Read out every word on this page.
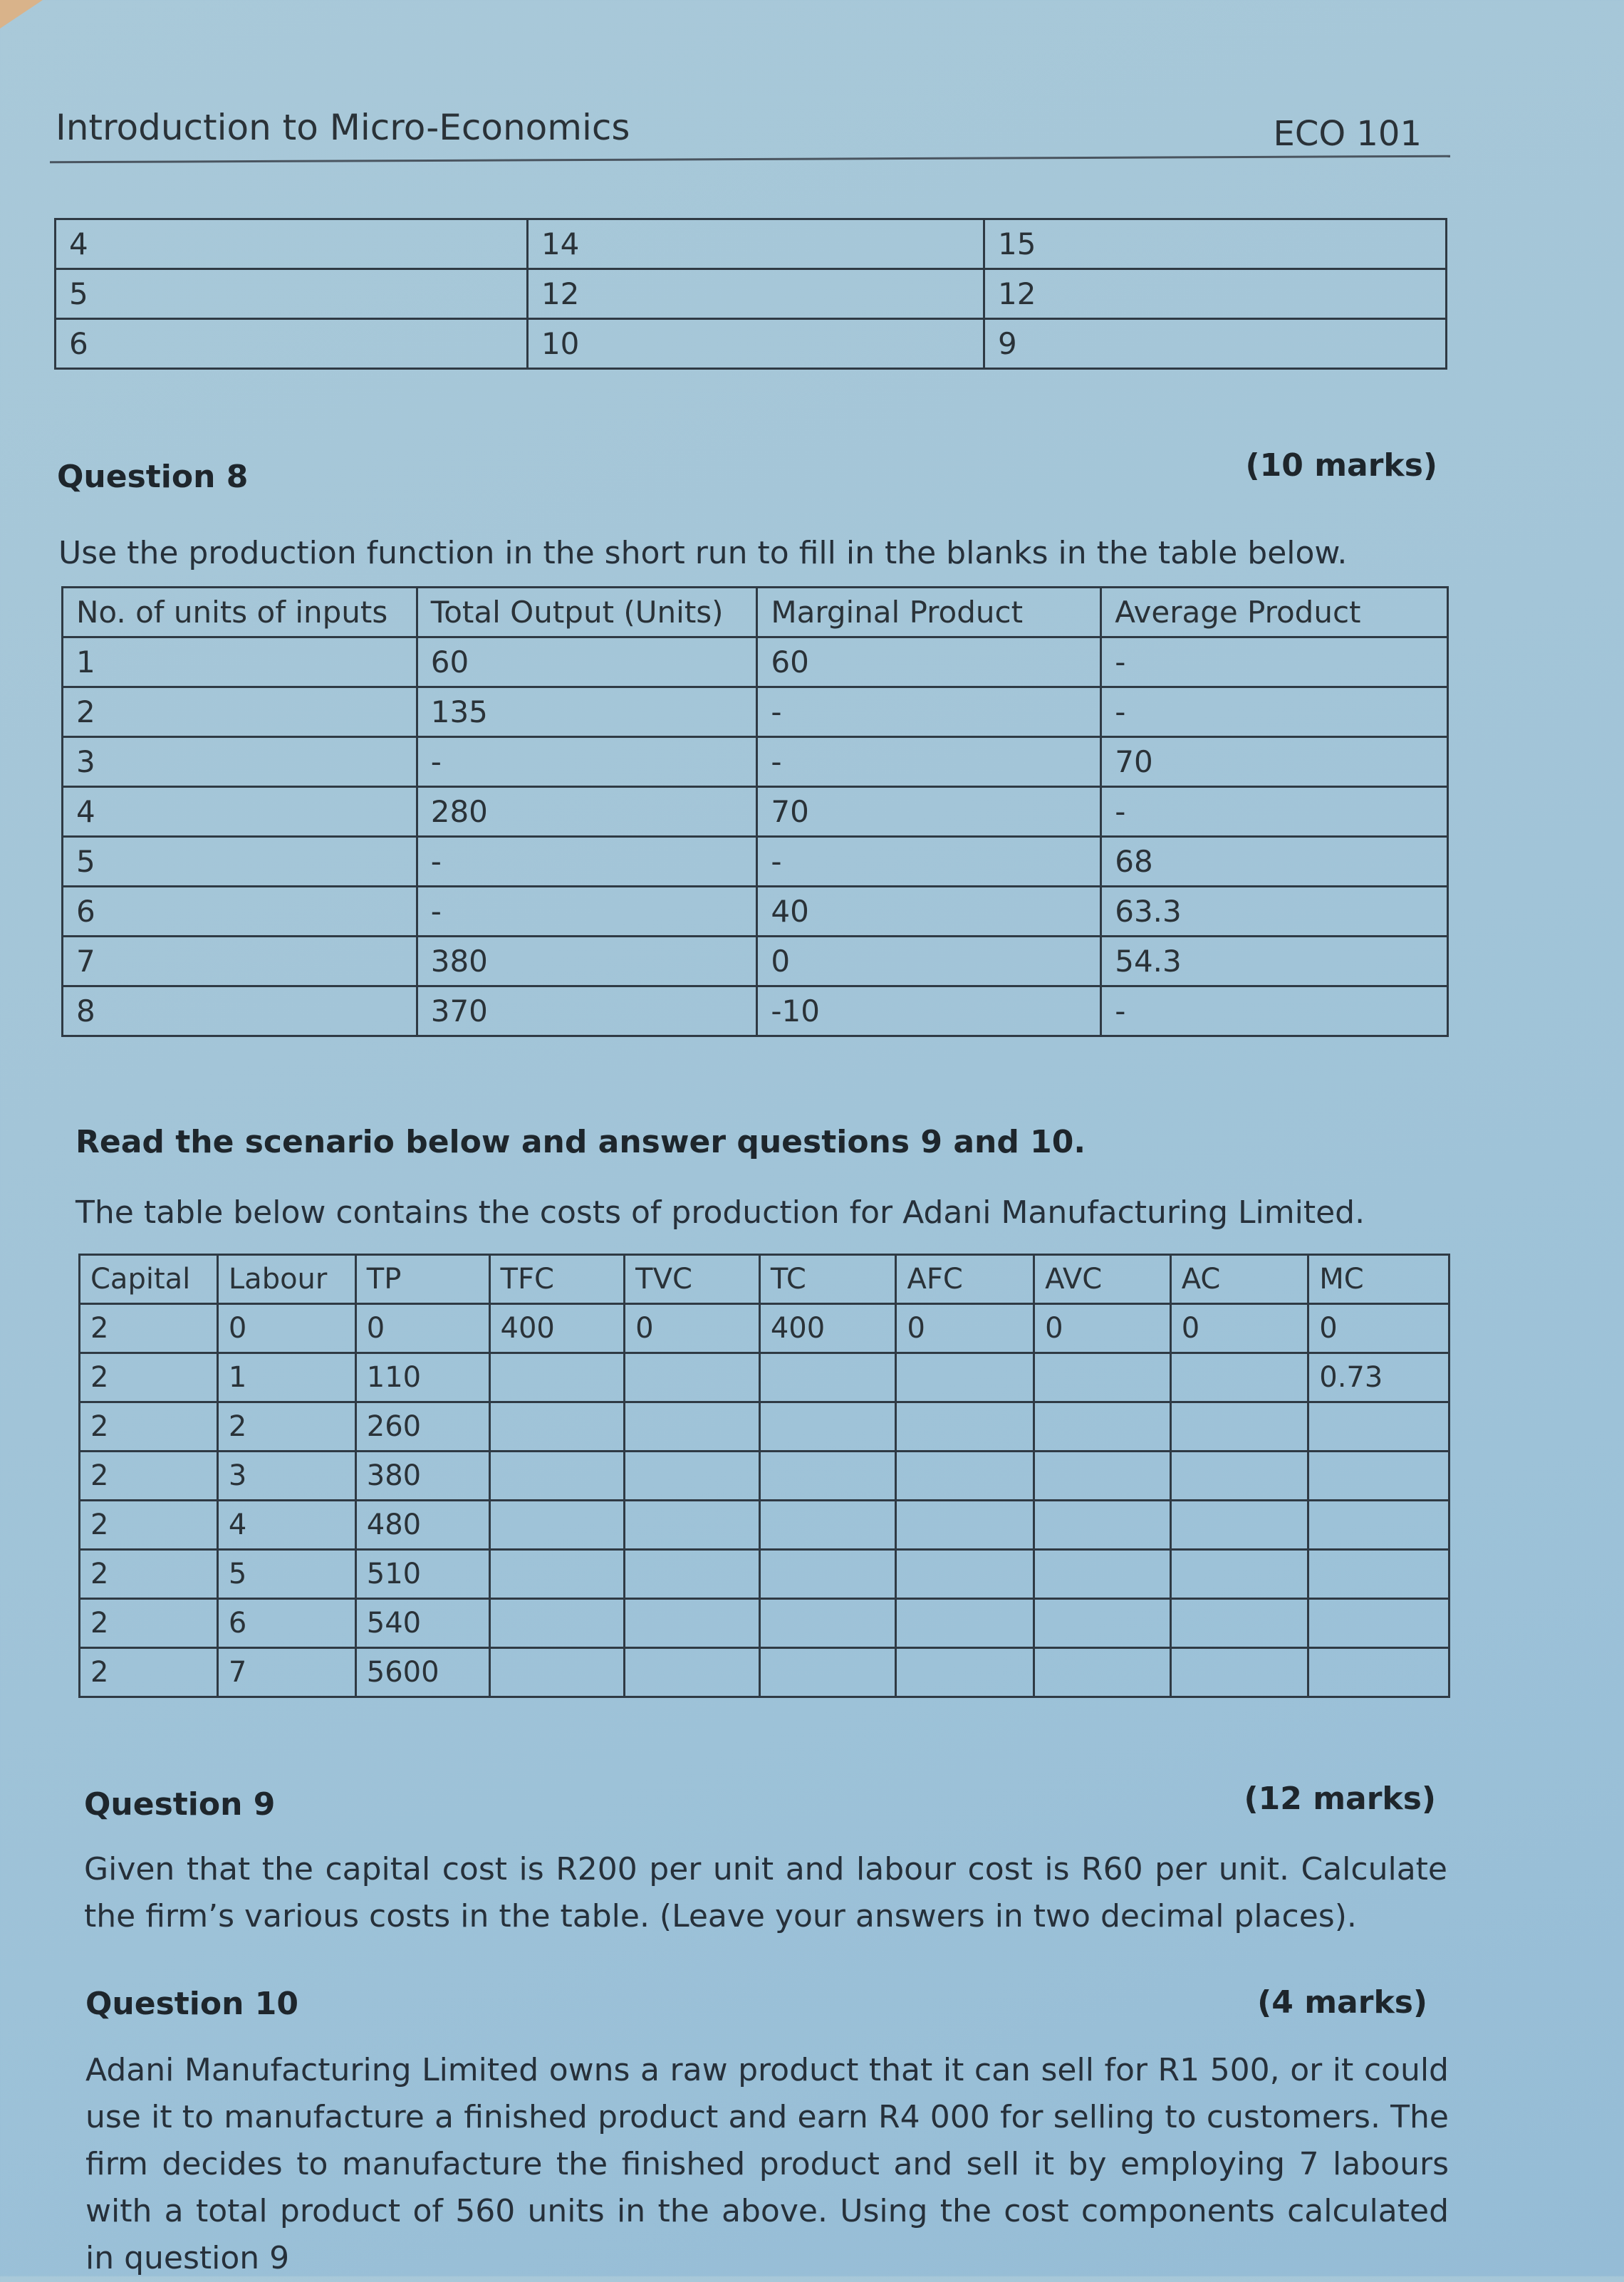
Introduction to Micro-Economics	ECO 101
4	14	15
5	12	12
6	10	9
Question 8	(10 marks)
Use the production function in the short run to fill in the blanks in the table below.
No. of units of inputs	Total Output (Units)	Marginal Product	Average Product
1	60	60	-
2	135	-	-
3	-	-	70
4	280	70	-
5	-	-	68
6	-	40	63.3
7	380	0	54.3
8	370	-10	-
Read the scenario below and answer questions 9 and 10.
The table below contains the costs of production for Adani Manufacturing Limited.
Capital	Labour	TP	TFC	TVC	TC	AFC	AVC	AC	MC
2	0	0	400	0	400	0	0	0	0
2	1	110							0.73
2	2	260							
2	3	380							
2	4	480							
2	5	510							
2	6	540							
2	7	5600							
Question 9	(12 marks)
Given that the capital cost is R200 per unit and labour cost is R60 per unit. Calculate the firm’s various costs in the table. (Leave your answers in two decimal places).
Question 10	(4 marks)
Adani Manufacturing Limited owns a raw product that it can sell for R1 500, or it could use it to manufacture a finished product and earn R4 000 for selling to customers. The firm decides to manufacture the finished product and sell it by employing 7 labours with a total product of 560 units in the above. Using the cost components calculated in question 9
